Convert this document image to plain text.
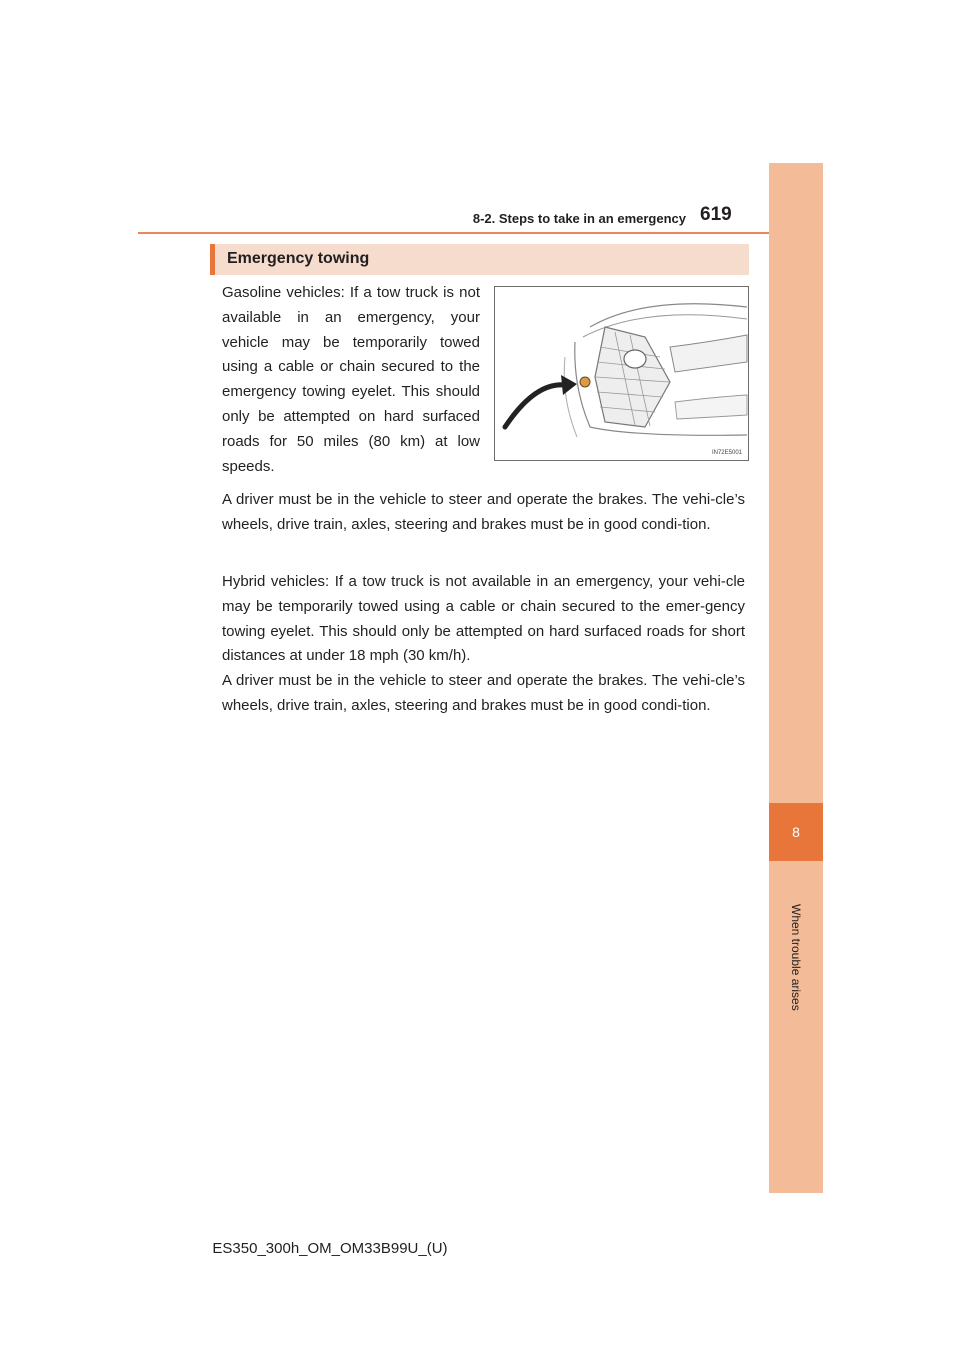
8-2. Steps to take in an emergency 619
8
When trouble arises
Emergency towing

Gasoline vehicles: If a tow truck is not available in an emergency, your vehicle may be temporarily towed using a cable or chain secured to the emergency towing eyelet. This should only be attempted on hard surfaced roads for 50 miles (80 km) at low speeds.

IN72E5001

A driver must be in the vehicle to steer and operate the brakes. The vehi-cle’s wheels, drive train, axles, steering and brakes must be in good condi-tion.

Hybrid vehicles: If a tow truck is not available in an emergency, your vehi-cle may be temporarily towed using a cable or chain secured to the emer-gency towing eyelet. This should only be attempted on hard surfaced roads for short distances at under 18 mph (30 km/h).

A driver must be in the vehicle to steer and operate the brakes. The vehi-cle’s wheels, drive train, axles, steering and brakes must be in good condi-tion.

ES350_300h_OM_OM33B99U_(U)
